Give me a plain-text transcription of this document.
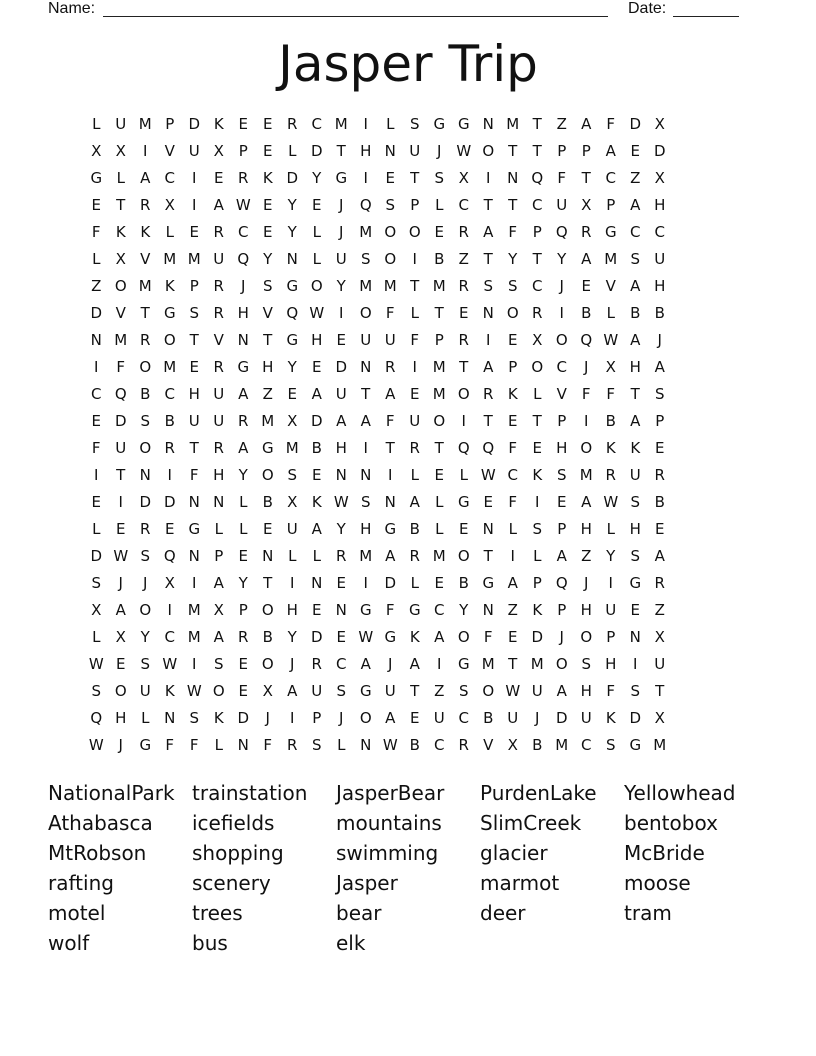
Name:	Date:
Jasper Trip
L U M P D K E	E R C M	I	L	S G G N M T Z A	F D X
X X	I	V U X P	E	L D T H N U	J W O T	T	P	P A E D
G L	A C	I	E R K D Y G	I	E	T	S X	I	N Q F	T C Z X
E	T R X	I	A W E	Y	E	J	Q S	P	L	C T	T C U X P A H
F	K K	L	E R C E	Y	L	J	M O O E R A	F	P Q R G C C
L	X V M M U Q Y N L U S O	I	B Z T	Y	T	Y A M S U
Z O M K	P R	J	S G O Y M M T M R S S C	J	E V A H
D V T G S R H V Q W I	O F	L	T	E N O R	I	B	L	B B
N M R O T V N T G H E U U F	P R	I	E X O Q W A	J
I	F O M E R G H Y	E D N R	I	M T A P O C	J	X H A
C Q B C H U A Z E A U T A E M O R K	L	V	F	F	T	S
E D S B U U R M X D A A	F U O	I	T	E	T	P	I	B A P
F U O R T R A G M B H	I	T R T Q Q F	E H O K K E
I	T N	I	F H Y O S E N N	I	L	E	L W C K S M R U R
E	I	D D N N L	B X K W S N A	L G E	F	I	E A W S B
L	E R E G L	L	E U A Y H G B	L	E N L	S	P H L H E
D W S Q N P	E N L	L	R M A R M O T	I	L	A Z Y	S A
S	J	J	X	I	A Y	T	I	N E	I	D L	E B G A P Q	J	I	G R
X A O	I	M X P O H E N G F G C Y N Z K	P H U E Z
L	X Y C M A R B Y D E W G K A O F	E D	J	O P N X
W E	S W I	S E O	J	R C A	J	A	I	G M T M O S H	I	U
S O U K W O E X A U S G U T Z S O W U A H F	S	T
Q H L N S K D	J	I	P	J	O A E U C B U	J	D U K D X
W J	G F	F	L N F R S	L N W B C R V X B M C S G M
NationalPark trainstation	JasperBear	PurdenLake	Yellowhead
Athabasca	icefields	mountains	SlimCreek	bentobox
MtRobson	shopping	swimming	glacier	McBride
rafting	scenery	Jasper	marmot	moose
motel	trees	bear	deer	tram
wolf	bus	elk
